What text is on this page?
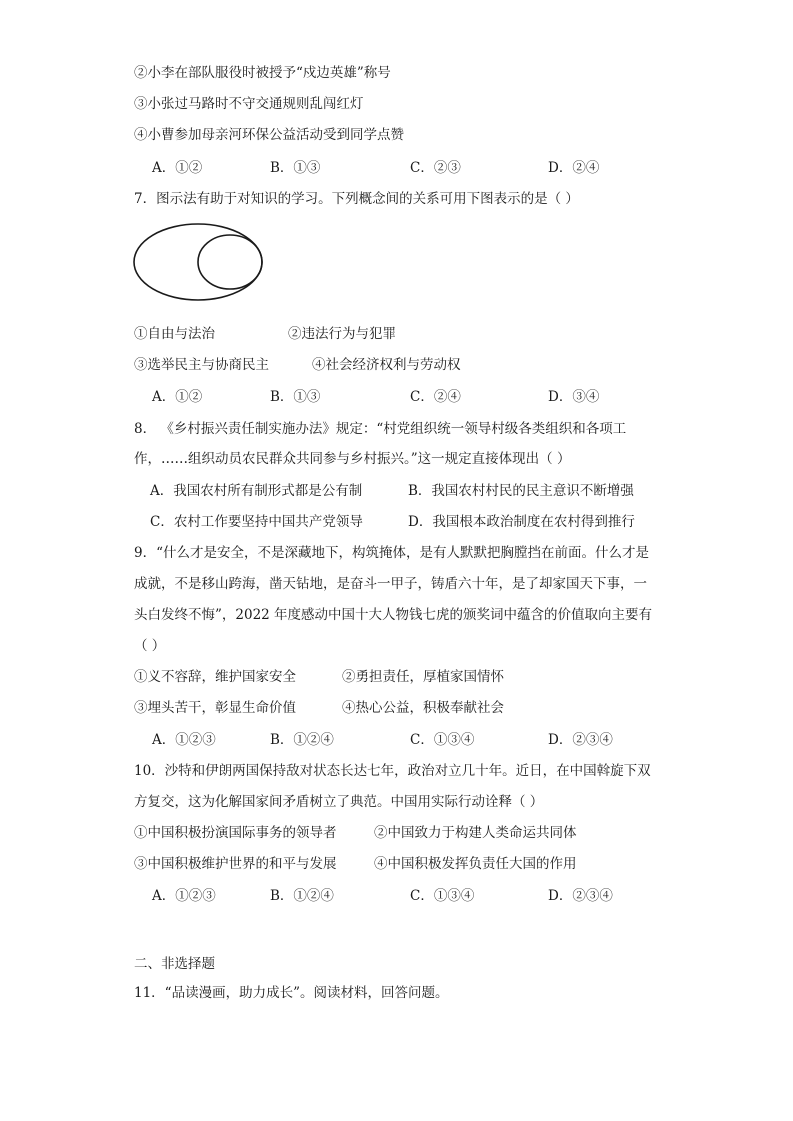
②小李在部队服役时被授予“戍边英雄”称号
③小张过马路时不守交通规则乱闯红灯
④小曹参加母亲河环保公益活动受到同学点赞
A．①②	B．①③	C．②③	D．②④
7．图示法有助于对知识的学习。下列概念间的关系可用下图表示的是（ ）
①自由与法治	②违法行为与犯罪
③选举民主与协商民主	④社会经济权利与劳动权
A．①②	B．①③	C．②④	D．③④
8． 《乡村振兴责任制实施办法》规定：“村党组织统一领导村级各类组织和各项工
作，……组织动员农民群众共同参与乡村振兴。”这一规定直接体现出（ ）
A．我国农村所有制形式都是公有制	B．我国农村村民的民主意识不断增强
C．农村工作要坚持中国共产党领导	D．我国根本政治制度在农村得到推行
9．“什么才是安全，不是深藏地下，构筑掩体，是有人默默把胸膛挡在前面。什么才是
成就，不是移山跨海，凿天钻地，是奋斗一甲子，铸盾六十年，是了却家国天下事，一
头白发终不悔”，2022 年度感动中国十大人物钱七虎的颁奖词中蕴含的价值取向主要有
（ ）
①义不容辞，维护国家安全	②勇担责任，厚植家国情怀
③埋头苦干，彰显生命价值	④热心公益，积极奉献社会
A．①②③	B．①②④	C．①③④	D．②③④
10．沙特和伊朗两国保持敌对状态长达七年，政治对立几十年。近日，在中国斡旋下双
方复交，这为化解国家间矛盾树立了典范。中国用实际行动诠释（ ）
①中国积极扮演国际事务的领导者	②中国致力于构建人类命运共同体
③中国积极维护世界的和平与发展	④中国积极发挥负责任大国的作用
A．①②③	B．①②④	C．①③④	D．②③④
二、非选择题
11．“品读漫画，助力成长”。阅读材料，回答问题。
